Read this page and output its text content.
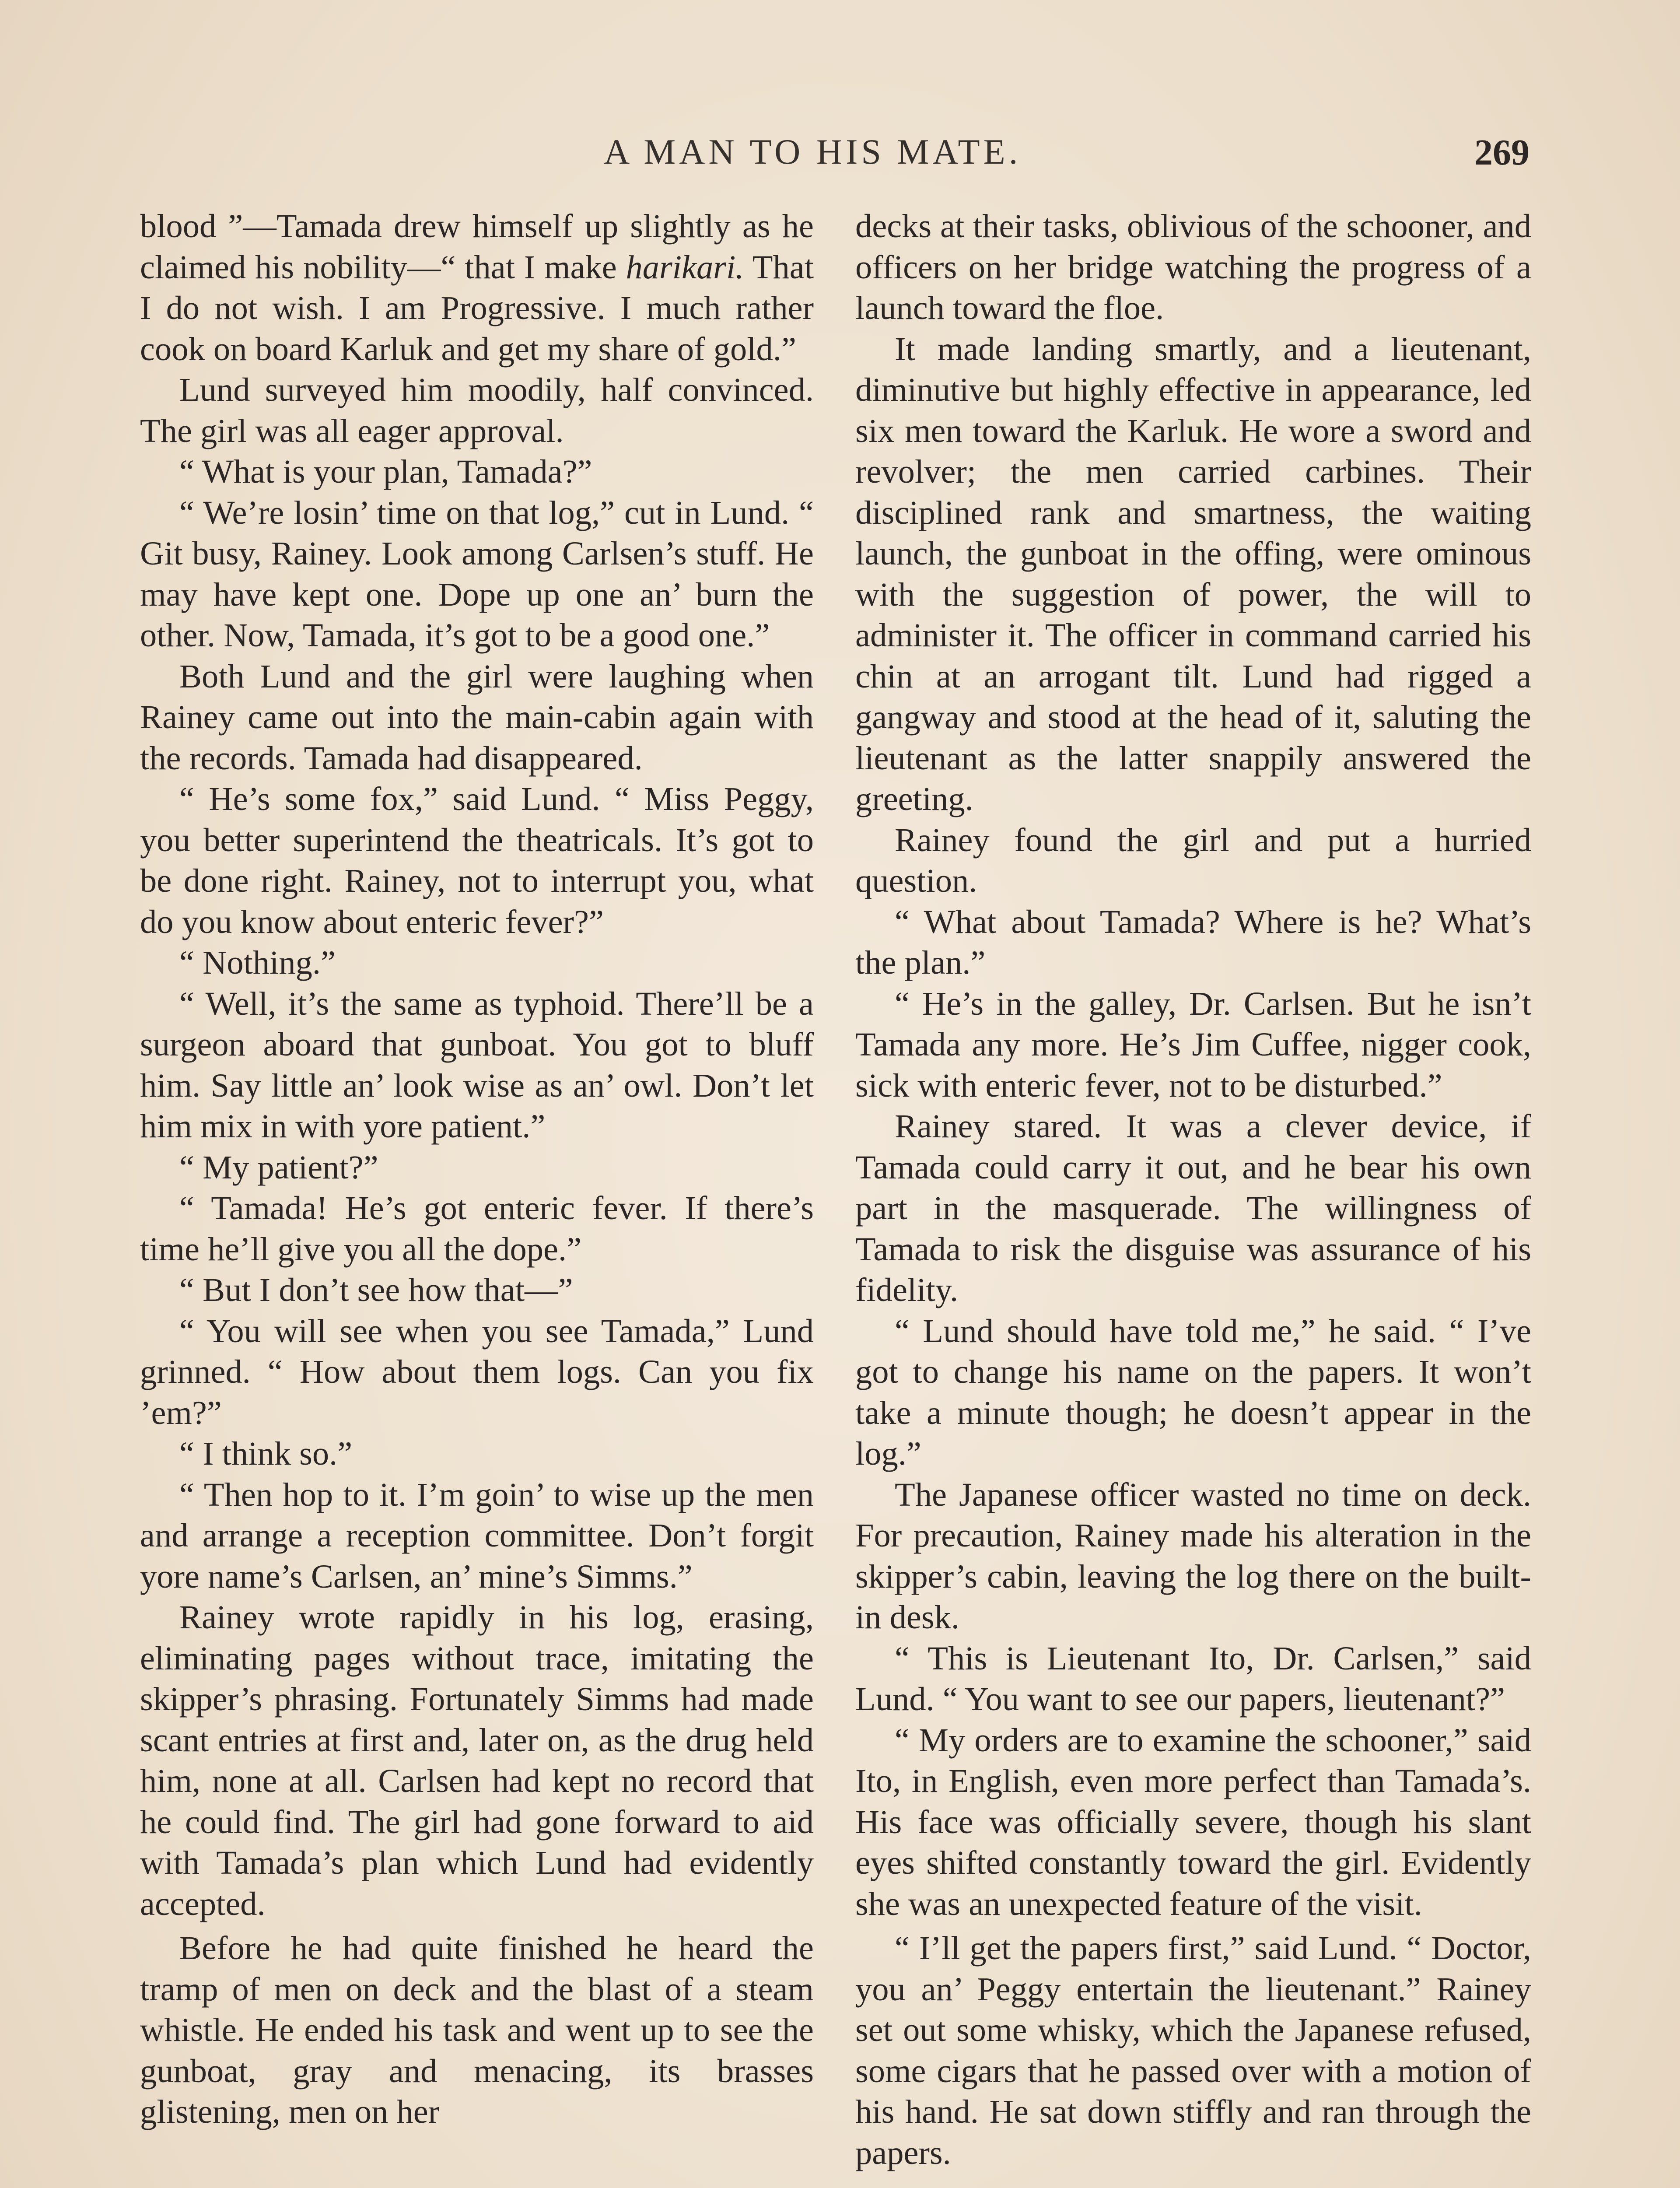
A MAN TO HIS MATE.	269

blood ”—Tamada drew himself up slightly as he claimed his nobility—“ that I make harikari. That I do not wish. I am Progressive. I much rather cook on board Karluk and get my share of gold.”

Lund surveyed him moodily, half convinced. The girl was all eager approval.

“ What is your plan, Tamada?”

“ We’re losin’ time on that log,” cut in Lund. “ Git busy, Rainey. Look among Carlsen’s stuff. He may have kept one. Dope up one an’ burn the other. Now, Tamada, it’s got to be a good one.”

Both Lund and the girl were laughing when Rainey came out into the main-cabin again with the records. Tamada had disappeared.

“ He’s some fox,” said Lund. “ Miss Peggy, you better superintend the theatricals. It’s got to be done right. Rainey, not to interrupt you, what do you know about enteric fever?”

“ Nothing.”

“ Well, it’s the same as typhoid. There’ll be a surgeon aboard that gunboat. You got to bluff him. Say little an’ look wise as an’ owl. Don’t let him mix in with yore patient.”

“ My patient?”

“ Tamada! He’s got enteric fever. If there’s time he’ll give you all the dope.”

“ But I don’t see how that—”

“ You will see when you see Tamada,” Lund grinned. “ How about them logs. Can you fix ’em?”

“ I think so.”

“ Then hop to it. I’m goin’ to wise up the men and arrange a reception committee. Don’t forgit yore name’s Carlsen, an’ mine’s Simms.”

Rainey wrote rapidly in his log, erasing, eliminating pages without trace, imitating the skipper’s phrasing. Fortunately Simms had made scant entries at first and, later on, as the drug held him, none at all. Carlsen had kept no record that he could find. The girl had gone forward to aid with Tamada’s plan which Lund had evidently accepted.

Before he had quite finished he heard the tramp of men on deck and the blast of a steam whistle. He ended his task and went up to see the gunboat, gray and menacing, its brasses glistening, men on her

decks at their tasks, oblivious of the schooner, and officers on her bridge watching the progress of a launch toward the floe.

It made landing smartly, and a lieutenant, diminutive but highly effective in appearance, led six men toward the Karluk. He wore a sword and revolver; the men carried carbines. Their disciplined rank and smartness, the waiting launch, the gunboat in the offing, were ominous with the suggestion of power, the will to administer it. The officer in command carried his chin at an arrogant tilt. Lund had rigged a gangway and stood at the head of it, saluting the lieutenant as the latter snappily answered the greeting.

Rainey found the girl and put a hurried question.

“ What about Tamada? Where is he? What’s the plan.”

“ He’s in the galley, Dr. Carlsen. But he isn’t Tamada any more. He’s Jim Cuffee, nigger cook, sick with enteric fever, not to be disturbed.”

Rainey stared. It was a clever device, if Tamada could carry it out, and he bear his own part in the masquerade. The willingness of Tamada to risk the disguise was assurance of his fidelity.

“ Lund should have told me,” he said. “ I’ve got to change his name on the papers. It won’t take a minute though; he doesn’t appear in the log.”

The Japanese officer wasted no time on deck. For precaution, Rainey made his alteration in the skipper’s cabin, leaving the log there on the built-in desk.

“ This is Lieutenant Ito, Dr. Carlsen,” said Lund. “ You want to see our papers, lieutenant?”

“ My orders are to examine the schooner,” said Ito, in English, even more perfect than Tamada’s. His face was officially severe, though his slant eyes shifted constantly toward the girl. Evidently she was an unexpected feature of the visit.

“ I’ll get the papers first,” said Lund. “ Doctor, you an’ Peggy entertain the lieutenant.” Rainey set out some whisky, which the Japanese refused, some cigars that he passed over with a motion of his hand. He sat down stiffly and ran through the papers.
